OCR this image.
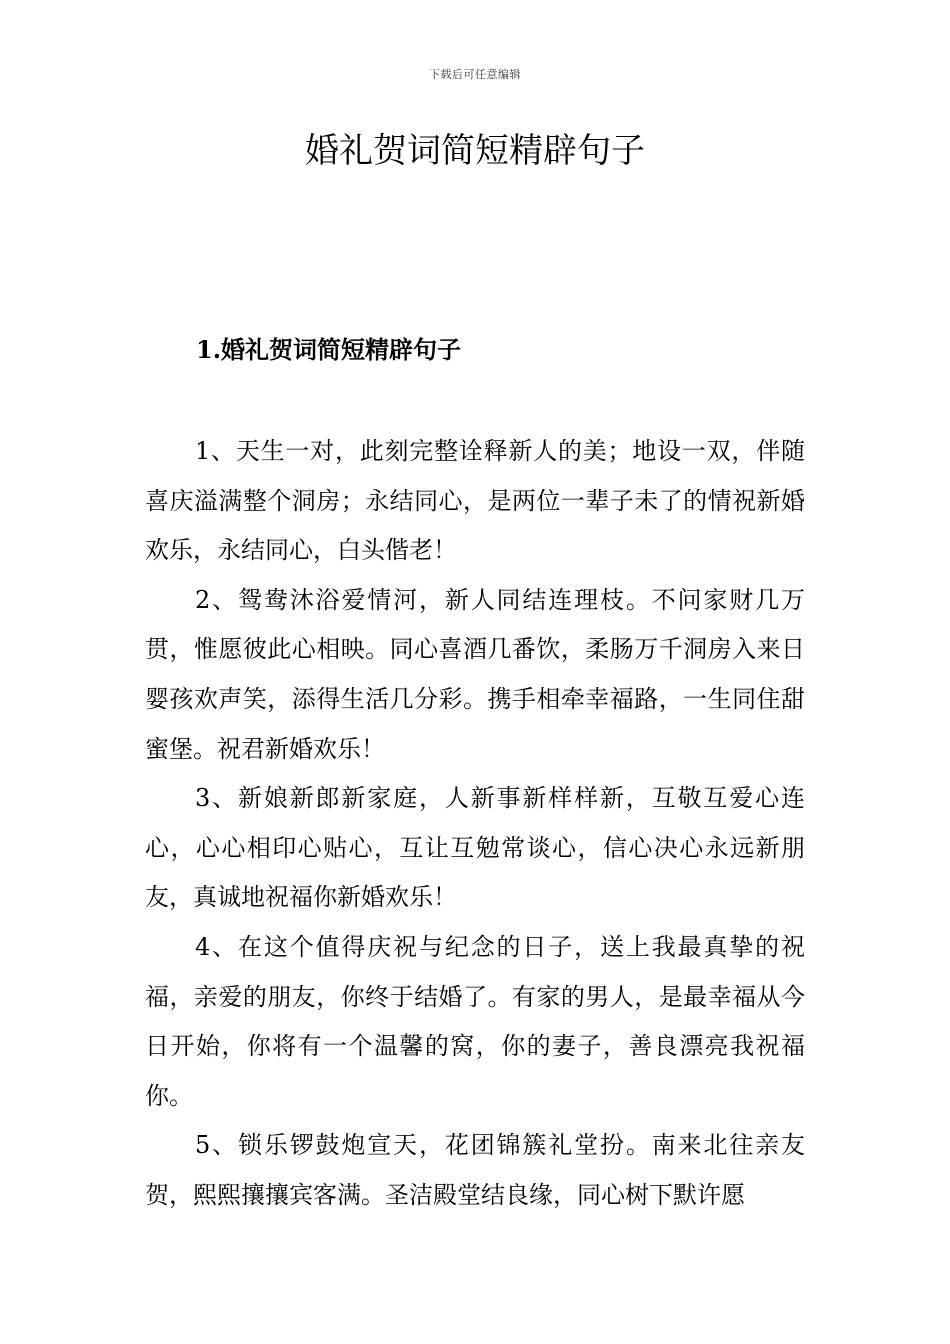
下载后可任意编辑
婚礼贺词简短精辟句子
1.婚礼贺词简短精辟句子

1、天生一对，此刻完整诠释新人的美；地设一双，伴随喜庆溢满整个洞房；永结同心，是两位一辈子未了的情祝新婚欢乐，永结同心，白头偕老！

2、鸳鸯沐浴爱情河，新人同结连理枝。不问家财几万贯，惟愿彼此心相映。同心喜酒几番饮，柔肠万千洞房入来日婴孩欢声笑，添得生活几分彩。携手相牵幸福路，一生同住甜蜜堡。祝君新婚欢乐！

3、新娘新郎新家庭，人新事新样样新，互敬互爱心连心，心心相印心贴心，互让互勉常谈心，信心决心永远新朋友，真诚地祝福你新婚欢乐！

4、在这个值得庆祝与纪念的日子，送上我最真挚的祝福，亲爱的朋友，你终于结婚了。有家的男人，是最幸福从今日开始，你将有一个温馨的窝，你的妻子，善良漂亮我祝福你。

5、锁乐锣鼓炮宣天，花团锦簇礼堂扮。南来北往亲友贺，熙熙攘攘宾客满。圣洁殿堂结良缘，同心树下默许愿
